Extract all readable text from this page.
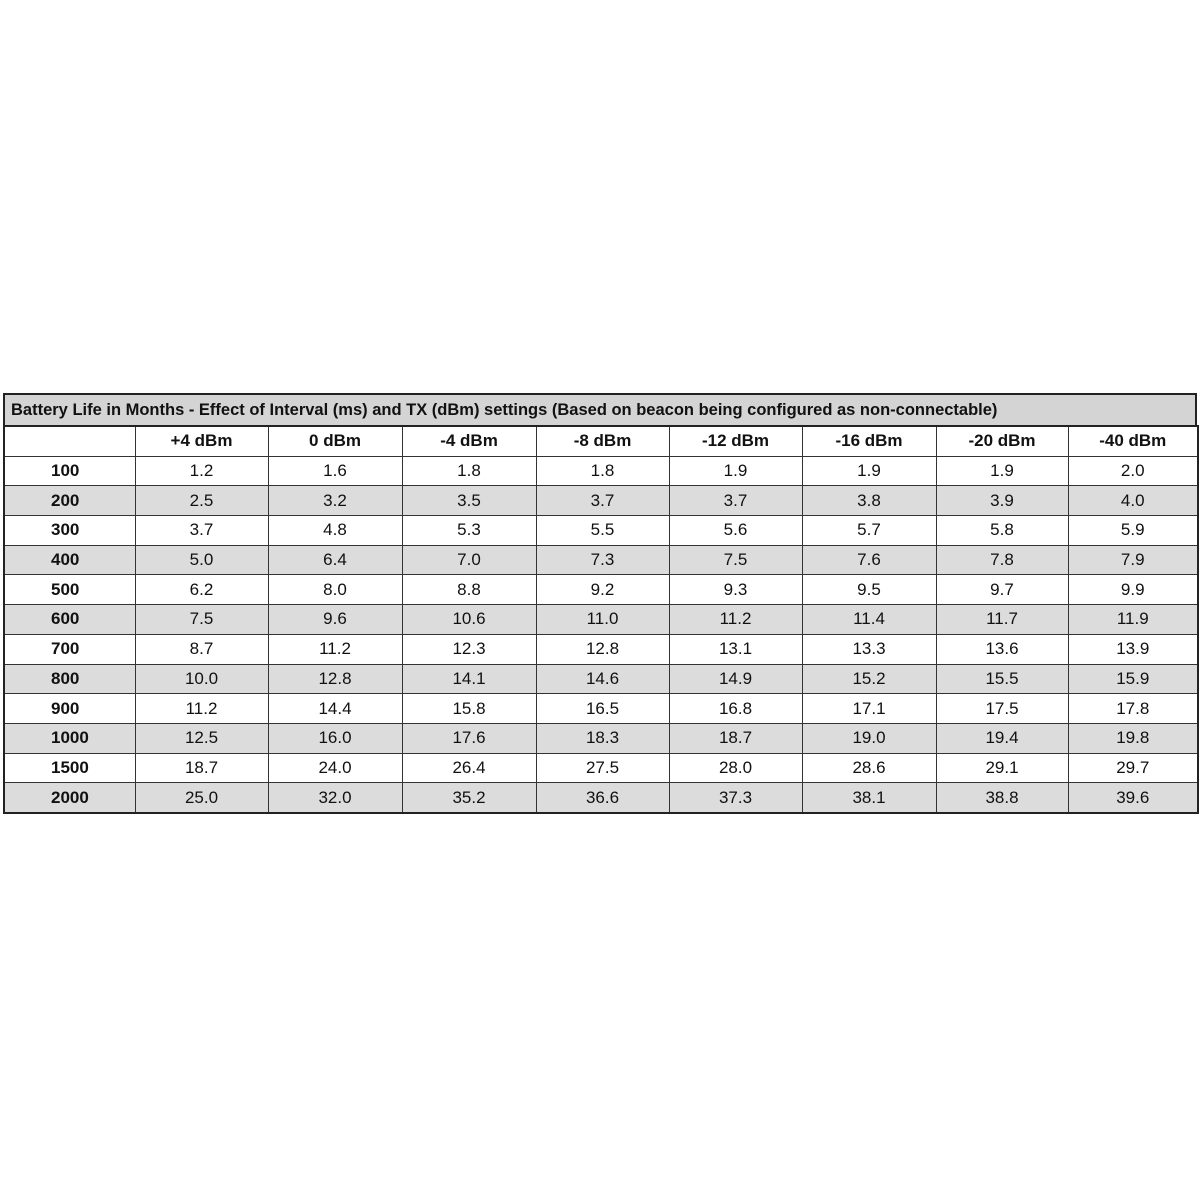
Battery Life in Months - Effect of Interval (ms) and TX (dBm) settings (Based on beacon being configured as non-connectable)
	+4 dBm	0 dBm	-4 dBm	-8 dBm	-12 dBm	-16 dBm	-20 dBm	-40 dBm
100	1.2	1.6	1.8	1.8	1.9	1.9	1.9	2.0
200	2.5	3.2	3.5	3.7	3.7	3.8	3.9	4.0
300	3.7	4.8	5.3	5.5	5.6	5.7	5.8	5.9
400	5.0	6.4	7.0	7.3	7.5	7.6	7.8	7.9
500	6.2	8.0	8.8	9.2	9.3	9.5	9.7	9.9
600	7.5	9.6	10.6	11.0	11.2	11.4	11.7	11.9
700	8.7	11.2	12.3	12.8	13.1	13.3	13.6	13.9
800	10.0	12.8	14.1	14.6	14.9	15.2	15.5	15.9
900	11.2	14.4	15.8	16.5	16.8	17.1	17.5	17.8
1000	12.5	16.0	17.6	18.3	18.7	19.0	19.4	19.8
1500	18.7	24.0	26.4	27.5	28.0	28.6	29.1	29.7
2000	25.0	32.0	35.2	36.6	37.3	38.1	38.8	39.6
